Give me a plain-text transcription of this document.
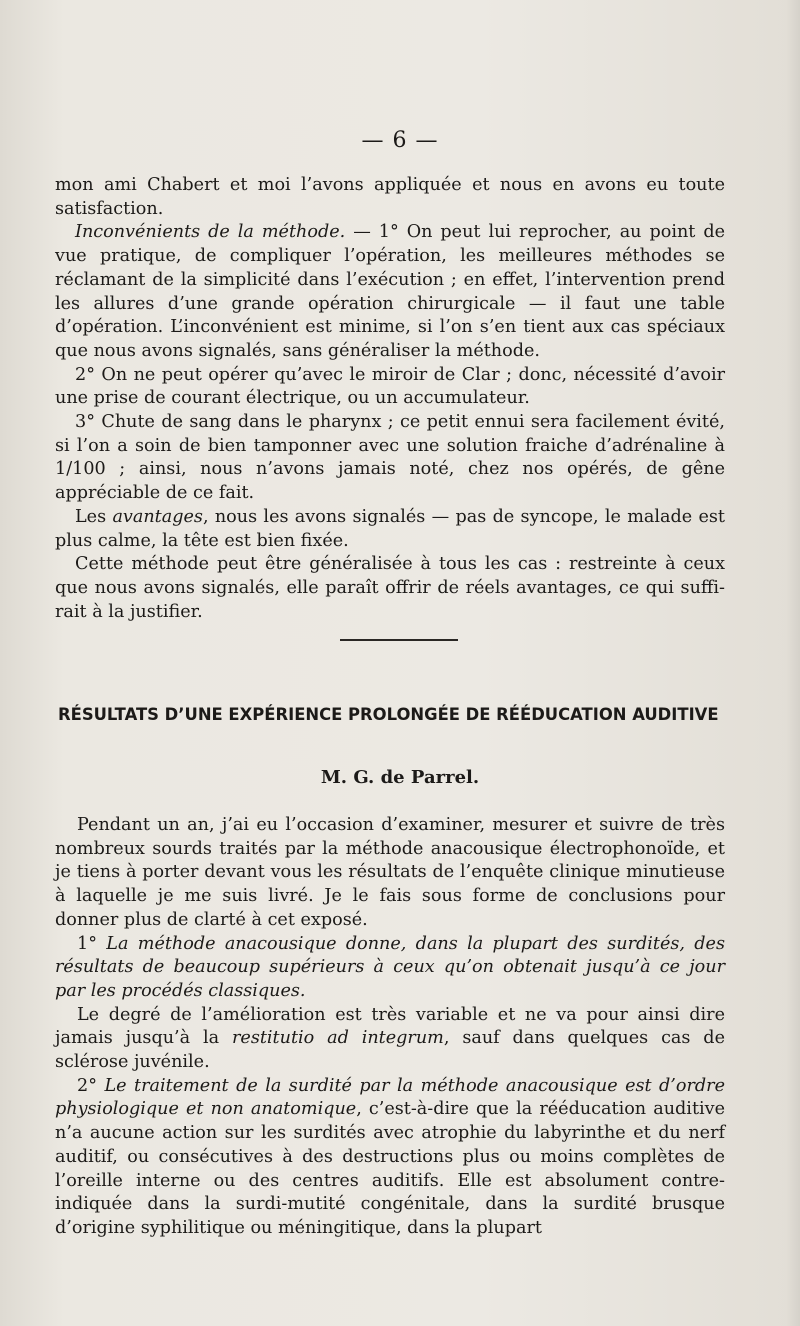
— 6 —

mon ami Chabert et moi l’avons appliquée et nous en avons eu toute satisfaction.

Inconvénients de la méthode. — 1° On peut lui reprocher, au point de vue pratique, de compliquer l’opération, les meilleures méthodes se réclamant de la simplicité dans l’exécution ; en effet, l’intervention prend les allures d’une grande opération chirurgicale — il faut une table d’opération. L’inconvénient est minime, si l’on s’en tient aux cas spéciaux que nous avons signalés, sans généraliser la méthode.

2° On ne peut opérer qu’avec le miroir de Clar ; donc, nécessité d’avoir une prise de courant électrique, ou un accumulateur.

3° Chute de sang dans le pharynx ; ce petit ennui sera facilement évité, si l’on a soin de bien tamponner avec une solution fraiche d’adrénaline à 1/100 ; ainsi, nous n’avons jamais noté, chez nos opérés, de gêne appréciable de ce fait.

Les avantages, nous les avons signalés — pas de syncope, le malade est plus calme, la tête est bien fixée.

Cette méthode peut être généralisée à tous les cas : restreinte à ceux que nous avons signalés, elle paraît offrir de réels avantages, ce qui suffirait à la justifier.

RÉSULTATS D’UNE EXPÉRIENCE PROLONGÉE DE RÉÉDUCATION AUDITIVE
M. G. de Parrel.

Pendant un an, j’ai eu l’occasion d’examiner, mesurer et suivre de très nombreux sourds traités par la méthode anacousique électrophonoïde, et je tiens à porter devant vous les résultats de l’enquête clinique minutieuse à laquelle je me suis livré. Je le fais sous forme de conclusions pour donner plus de clarté à cet exposé.

1° La méthode anacousique donne, dans la plupart des surdités, des résultats de beaucoup supérieurs à ceux qu’on obtenait jusqu’à ce jour par les procédés classiques.

Le degré de l’amélioration est très variable et ne va pour ainsi dire jamais jusqu’à la restitutio ad integrum, sauf dans quelques cas de sclérose juvénile.

2° Le traitement de la surdité par la méthode anacousique est d’ordre physiologique et non anatomique, c’est-à-dire que la rééducation auditive n’a aucune action sur les surdités avec atrophie du labyrinthe et du nerf auditif, ou consécutives à des destructions plus ou moins complètes de l’oreille interne ou des centres auditifs. Elle est absolument contre-indiquée dans la surdi-mutité congénitale, dans la surdité brusque d’origine syphilitique ou méningitique, dans la plupart
